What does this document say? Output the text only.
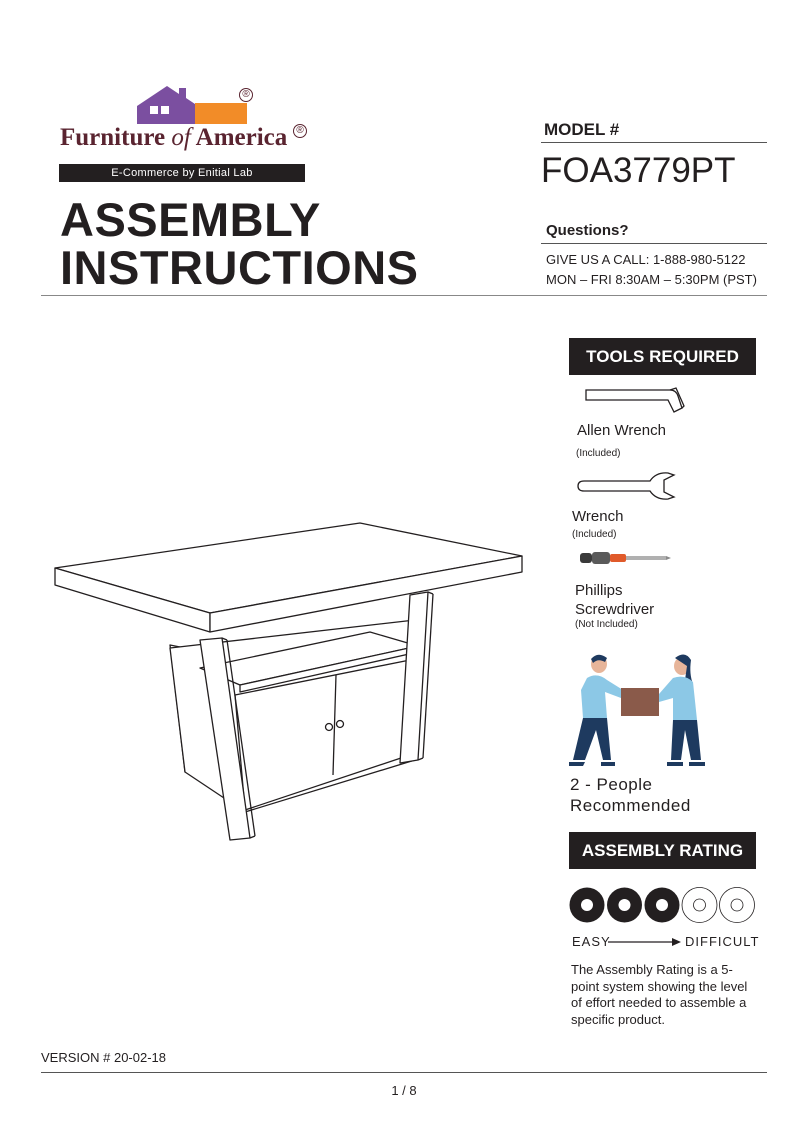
®
Furniture of America ®
E-Commerce by Enitial Lab
ASSEMBLY
INSTRUCTIONS
MODEL #
FOA3779PT
Questions?
GIVE US A CALL: 1-888-980-5122
MON – FRI 8:30AM – 5:30PM (PST)
TOOLS REQUIRED
Allen Wrench
(Included)
Wrench
(Included)
Phillips
Screwdriver
(Not Included)
2 - People
Recommended
ASSEMBLY RATING
EASY	DIFFICULT
The Assembly Rating is a 5-point system showing the level of effort needed to assemble a specific product.
VERSION # 20-02-18
1 / 8
